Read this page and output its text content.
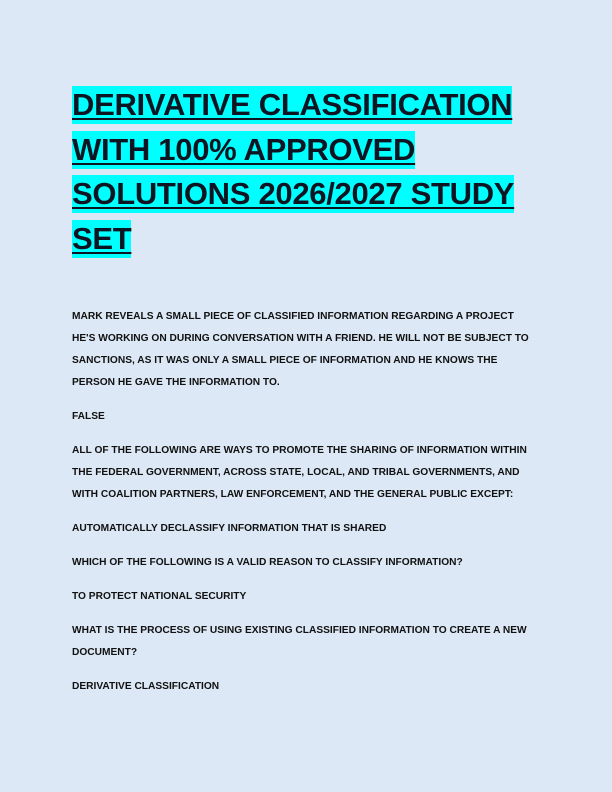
DERIVATIVE CLASSIFICATION WITH 100% APPROVED SOLUTIONS 2026/2027 STUDY SET

MARK REVEALS A SMALL PIECE OF CLASSIFIED INFORMATION REGARDING A PROJECT HE'S WORKING ON DURING CONVERSATION WITH A FRIEND. HE WILL NOT BE SUBJECT TO SANCTIONS, AS IT WAS ONLY A SMALL PIECE OF INFORMATION AND HE KNOWS THE PERSON HE GAVE THE INFORMATION TO.

FALSE

ALL OF THE FOLLOWING ARE WAYS TO PROMOTE THE SHARING OF INFORMATION WITHIN THE FEDERAL GOVERNMENT, ACROSS STATE, LOCAL, AND TRIBAL GOVERNMENTS, AND WITH COALITION PARTNERS, LAW ENFORCEMENT, AND THE GENERAL PUBLIC EXCEPT:

AUTOMATICALLY DECLASSIFY INFORMATION THAT IS SHARED

WHICH OF THE FOLLOWING IS A VALID REASON TO CLASSIFY INFORMATION?

TO PROTECT NATIONAL SECURITY

WHAT IS THE PROCESS OF USING EXISTING CLASSIFIED INFORMATION TO CREATE A NEW DOCUMENT?

DERIVATIVE CLASSIFICATION
